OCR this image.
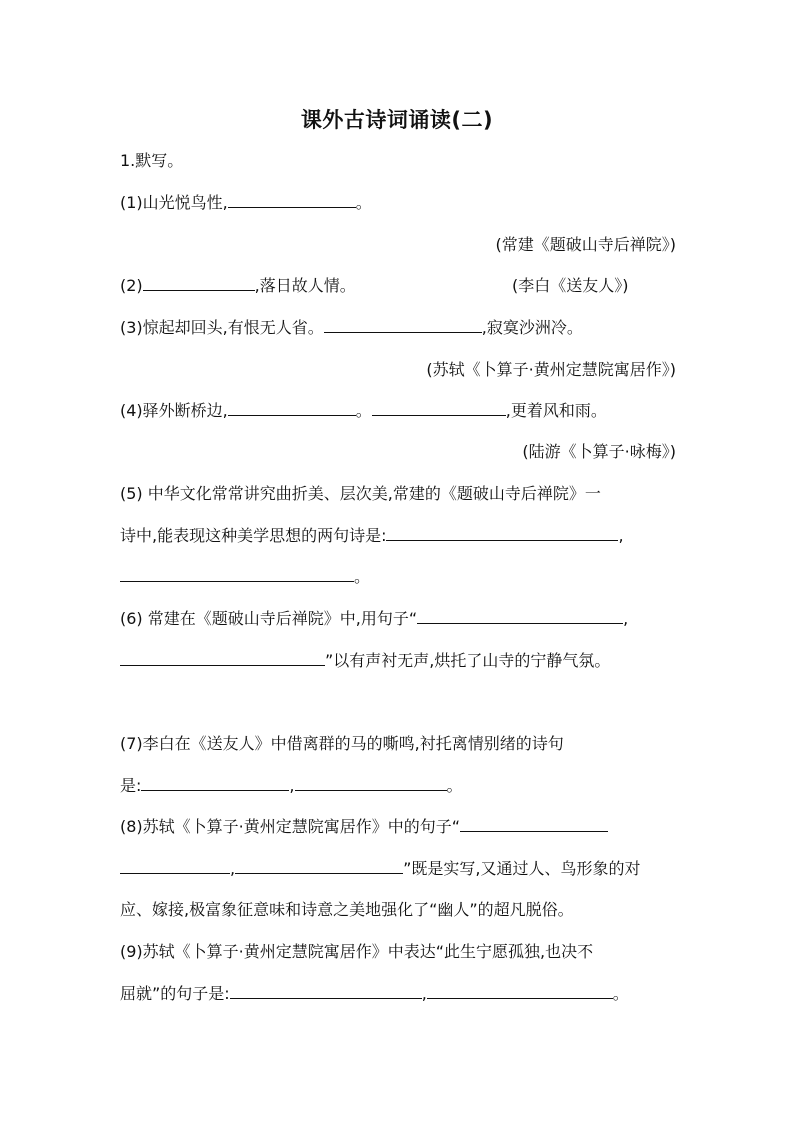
课外古诗词诵读(二)
1.默写。
(1)山光悦鸟性,	。
(常建《题破山寺后禅院》)
(2)	,落日故人情。	(李白《送友人》)
(3)惊起却回头,有恨无人省。	,寂寞沙洲冷。
(苏轼《卜算子·黄州定慧院寓居作》)
(4)驿外断桥边,	。	,更着风和雨。
(陆游《卜算子·咏梅》)
(5) 中华文化常常讲究曲折美、层次美,常建的《题破山寺后禅院》一
诗中,能表现这种美学思想的两句诗是:	,
。
(6) 常建在《题破山寺后禅院》中,用句子“	,
”以有声衬无声,烘托了山寺的宁静气氛。
(7)李白在《送友人》中借离群的马的嘶鸣,衬托离情别绪的诗句
是:	,	。
(8)苏轼《卜算子·黄州定慧院寓居作》中的句子“
,	”既是实写,又通过人、鸟形象的对
应、嫁接,极富象征意味和诗意之美地强化了“幽人”的超凡脱俗。
(9)苏轼《卜算子·黄州定慧院寓居作》中表达“此生宁愿孤独,也决不
屈就”的句子是:	,	。
